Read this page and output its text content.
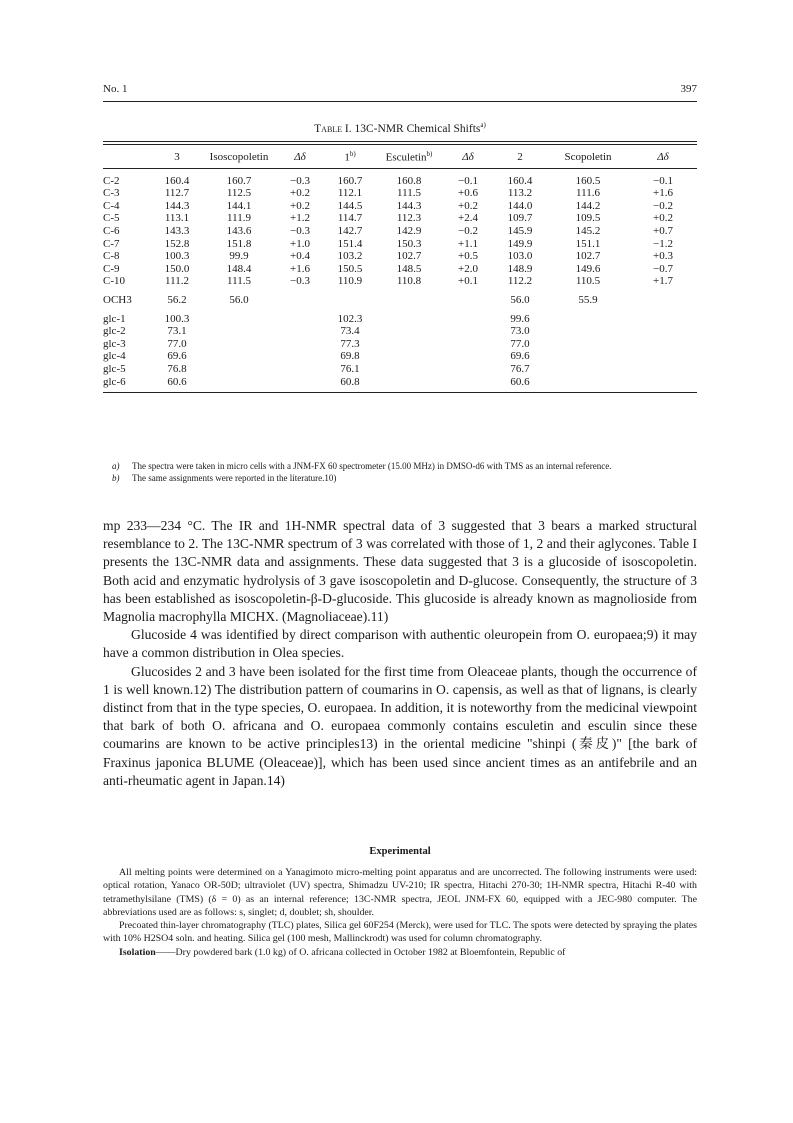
No. 1	397
Table I. 13C-NMR Chemical Shifts$^{a)}$
	3	Isoscopoletin	Δδ	1$^{b)}$	Esculetin$^{b)}$	Δδ	2	Scopoletin	Δδ

C-2	160.4	160.7	−0.3	160.7	160.8	−0.1	160.4	160.5	−0.1
C-3	112.7	112.5	+0.2	112.1	111.5	+0.6	113.2	111.6	+1.6
C-4	144.3	144.1	+0.2	144.5	144.3	+0.2	144.0	144.2	−0.2
C-5	113.1	111.9	+1.2	114.7	112.3	+2.4	109.7	109.5	+0.2
C-6	143.3	143.6	−0.3	142.7	142.9	−0.2	145.9	145.2	+0.7
C-7	152.8	151.8	+1.0	151.4	150.3	+1.1	149.9	151.1	−1.2
C-8	100.3	99.9	+0.4	103.2	102.7	+0.5	103.0	102.7	+0.3
C-9	150.0	148.4	+1.6	150.5	148.5	+2.0	148.9	149.6	−0.7
C-10	111.2	111.5	−0.3	110.9	110.8	+0.1	112.2	110.5	+1.7

OCH3	56.2	56.0					56.0	55.9	

glc-1	100.3			102.3			99.6		
glc-2	73.1			73.4			73.0		
glc-3	77.0			77.3			77.0		
glc-4	69.6			69.8			69.6		
glc-5	76.8			76.1			76.7		
glc-6	60.6			60.8			60.6		
a) The spectra were taken in micro cells with a JNM-FX 60 spectrometer (15.00 MHz) in DMSO-d6 with TMS as an internal reference.
b) The same assignments were reported in the literature.10)

mp 233—234 °C. The IR and 1H-NMR spectral data of 3 suggested that 3 bears a marked structural resemblance to 2. The 13C-NMR spectrum of 3 was correlated with those of 1, 2 and their aglycones. Table I presents the 13C-NMR data and assignments. These data suggested that 3 is a glucoside of isoscopoletin. Both acid and enzymatic hydrolysis of 3 gave isoscopoletin and D-glucose. Consequently, the structure of 3 has been established as isoscopoletin-β-D-glucoside. This glucoside is already known as magnolioside from Magnolia macrophylla MICHX. (Magnoliaceae).11)

Glucoside 4 was identified by direct comparison with authentic oleuropein from O. europaea;9) it may have a common distribution in Olea species.

Glucosides 2 and 3 have been isolated for the first time from Oleaceae plants, though the occurrence of 1 is well known.12) The distribution pattern of coumarins in O. capensis, as well as that of lignans, is clearly distinct from that in the type species, O. europaea. In addition, it is noteworthy from the medicinal viewpoint that bark of both O. africana and O. europaea commonly contains esculetin and esculin since these coumarins are known to be active principles13) in the oriental medicine "shinpi (秦皮)" [the bark of Fraxinus japonica BLUME (Oleaceae)], which has been used since ancient times as an antifebrile and an anti-rheumatic agent in Japan.14)

Experimental

All melting points were determined on a Yanagimoto micro-melting point apparatus and are uncorrected. The following instruments were used: optical rotation, Yanaco OR-50D; ultraviolet (UV) spectra, Shimadzu UV-210; IR spectra, Hitachi 270-30; 1H-NMR spectra, Hitachi R-40 with tetramethylsilane (TMS) (δ = 0) as an internal reference; 13C-NMR spectra, JEOL JNM-FX 60, equipped with a JEC-980 computer. The abbreviations used are as follows: s, singlet; d, doublet; sh, shoulder.

Precoated thin-layer chromatography (TLC) plates, Silica gel 60F254 (Merck), were used for TLC. The spots were detected by spraying the plates with 10% H2SO4 soln. and heating. Silica gel (100 mesh, Mallinckrodt) was used for column chromatography.

Isolation——Dry powdered bark (1.0 kg) of O. africana collected in October 1982 at Bloemfontein, Republic of
